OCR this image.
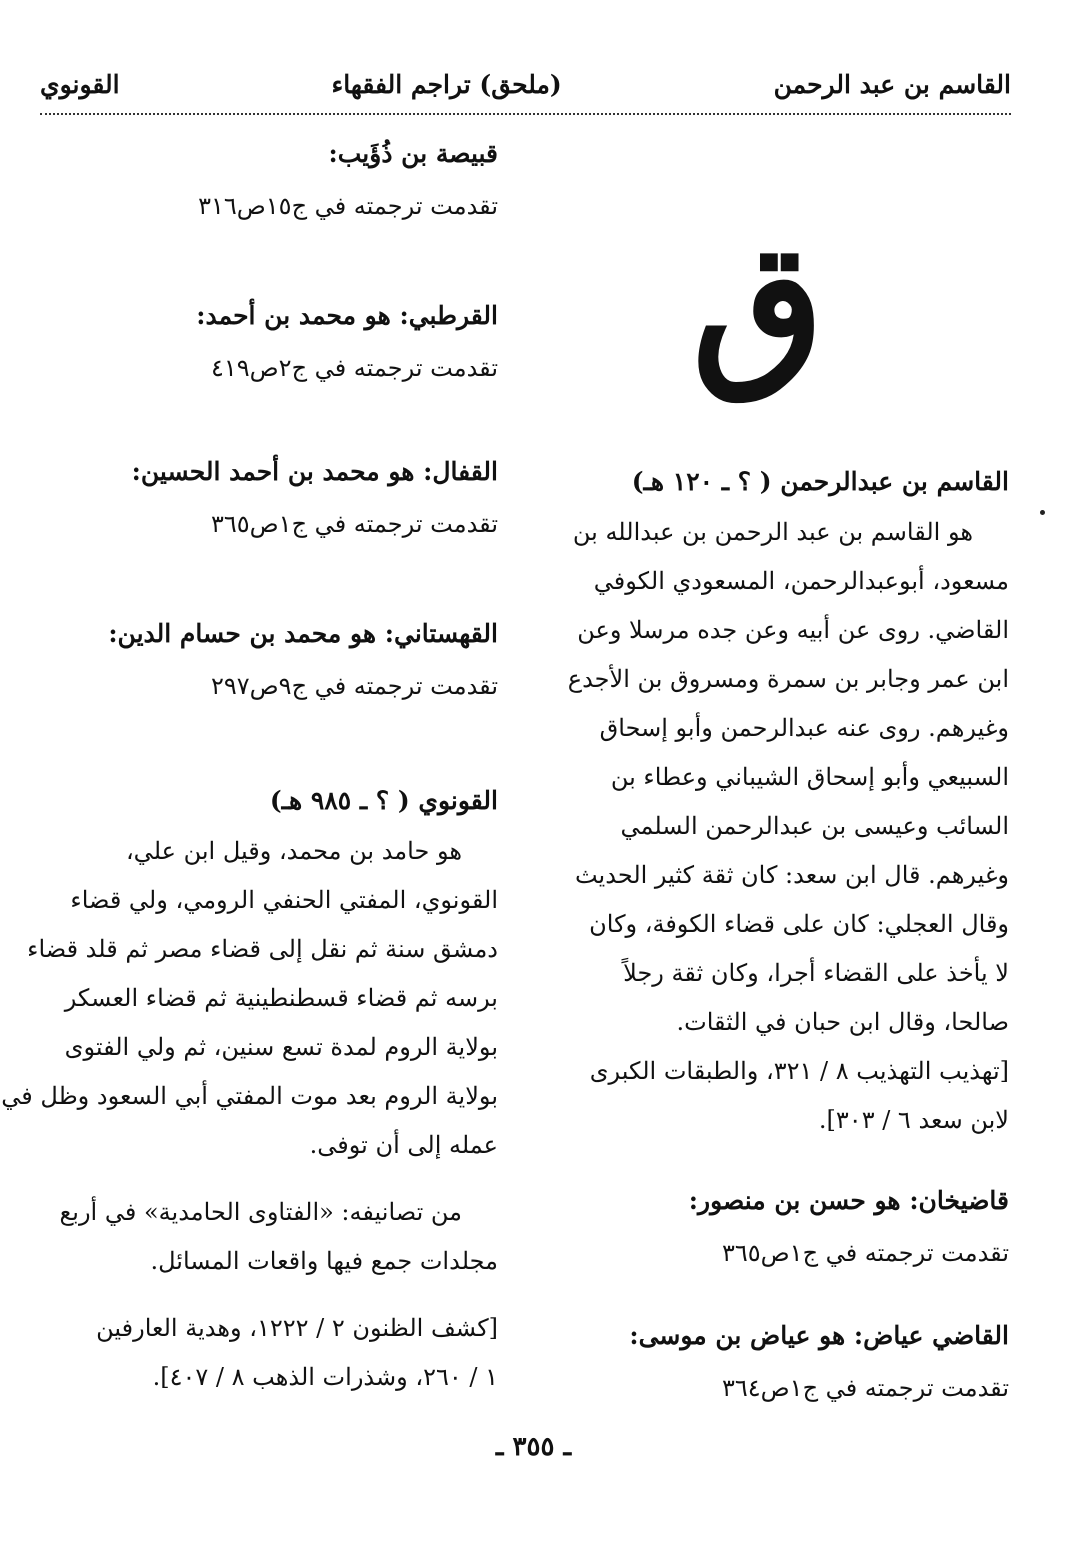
القاسم بن عبد الرحمن
(ملحق) تراجم الفقهاء
القونوي
ق
القاسم بن عبدالرحمن ( ؟ ـ ١٢٠ هـ)
هو القاسم بن عبد الرحمن بن عبدالله بن
مسعود، أبوعبدالرحمن، المسعودي الكوفي
القاضي. روى عن أبيه وعن جده مرسلا وعن
ابن عمر وجابر بن سمرة ومسروق بن الأجدع
وغيرهم. روى عنه عبدالرحمن وأبو إسحاق
السبيعي وأبو إسحاق الشيباني وعطاء بن
السائب وعيسى بن عبدالرحمن السلمي
وغيرهم. قال ابن سعد: كان ثقة كثير الحديث
وقال العجلي: كان على قضاء الكوفة، وكان
لا يأخذ على القضاء أجرا، وكان ثقة رجلاً
صالحا، وقال ابن حبان في الثقات.
[تهذيب التهذيب ٨ / ٣٢١، والطبقات الكبرى
لابن سعد ٦ / ٣٠٣].
قاضيخان: هو حسن بن منصور:
تقدمت ترجمته في ج١ص٣٦٥
القاضي عياض: هو عياض بن موسى:
تقدمت ترجمته في ج١ص٣٦٤
قبيصة بن ذُؤَيب:
تقدمت ترجمته في ج١٥ص٣١٦
القرطبي: هو محمد بن أحمد:
تقدمت ترجمته في ج٢ص٤١٩
القفال: هو محمد بن أحمد الحسين:
تقدمت ترجمته في ج١ص٣٦٥
القهستاني: هو محمد بن حسام الدين:
تقدمت ترجمته في ج٩ص٢٩٧
القونوي ( ؟ ـ ٩٨٥ هـ)
هو حامد بن محمد، وقيل ابن علي،
القونوي، المفتي الحنفي الرومي، ولي قضاء
دمشق سنة ثم نقل إلى قضاء مصر ثم قلد قضاء
برسه ثم قضاء قسطنطينية ثم قضاء العسكر
بولاية الروم لمدة تسع سنين، ثم ولي الفتوى
بولاية الروم بعد موت المفتي أبي السعود وظل في
عمله إلى أن توفى.
من تصانيفه: «الفتاوى الحامدية» في أربع
مجلدات جمع فيها واقعات المسائل.
[كشف الظنون ٢ / ١٢٢٢، وهدية العارفين
١ / ٢٦٠، وشذرات الذهب ٨ / ٤٠٧].
ـ ٣٥٥ ـ
